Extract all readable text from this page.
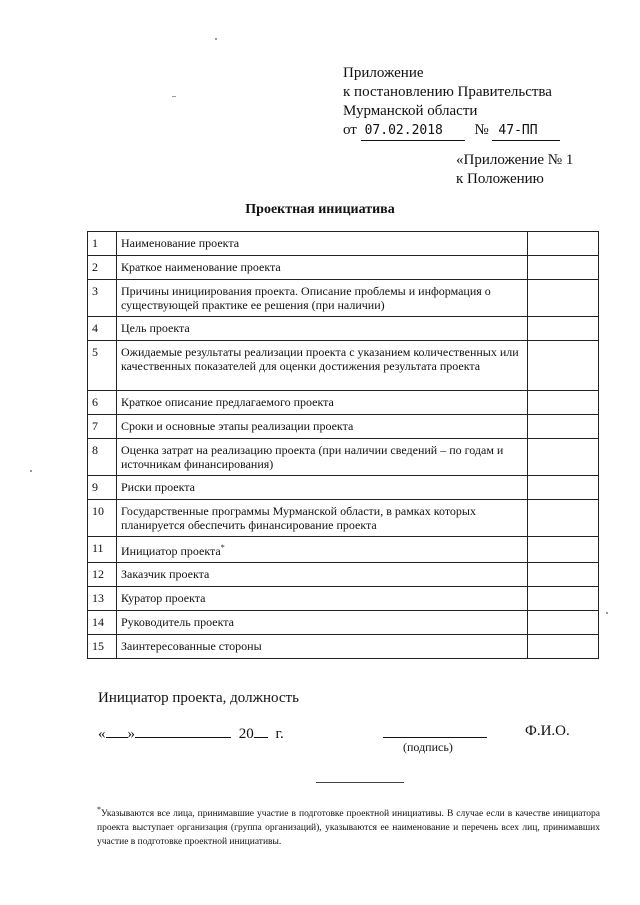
Приложение
к постановлению Правительства
Мурманской области
от 07.02.2018 № 47-ПП
«Приложение № 1
к Положению
Проектная инициатива
1	Наименование проекта	
2	Краткое наименование проекта	
3	Причины инициирования проекта. Описание проблемы и информация о существующей практике ее решения (при наличии)	
4	Цель проекта	
5	Ожидаемые результаты реализации проекта с указанием количественных или качественных показателей для оценки достижения результата проекта	
6	Краткое описание предлагаемого проекта	
7	Сроки и основные этапы реализации проекта	
8	Оценка затрат на реализацию проекта (при наличии сведений – по годам и источникам финансирования)	
9	Риски проекта	
10	Государственные программы Мурманской области, в рамках которых планируется обеспечить финансирование проекта	
11	Инициатор проекта*	
12	Заказчик проекта	
13	Куратор проекта	
14	Руководитель проекта	
15	Заинтересованные стороны	
Инициатор проекта, должность
« »	20 г.
(подпись)
Ф.И.О.
*Указываются все лица, принимавшие участие в подготовке проектной инициативы. В случае если в качестве инициатора проекта выступает организация (группа организаций), указываются ее наименование и перечень всех лиц, принимавших участие в подготовке проектной инициативы.
